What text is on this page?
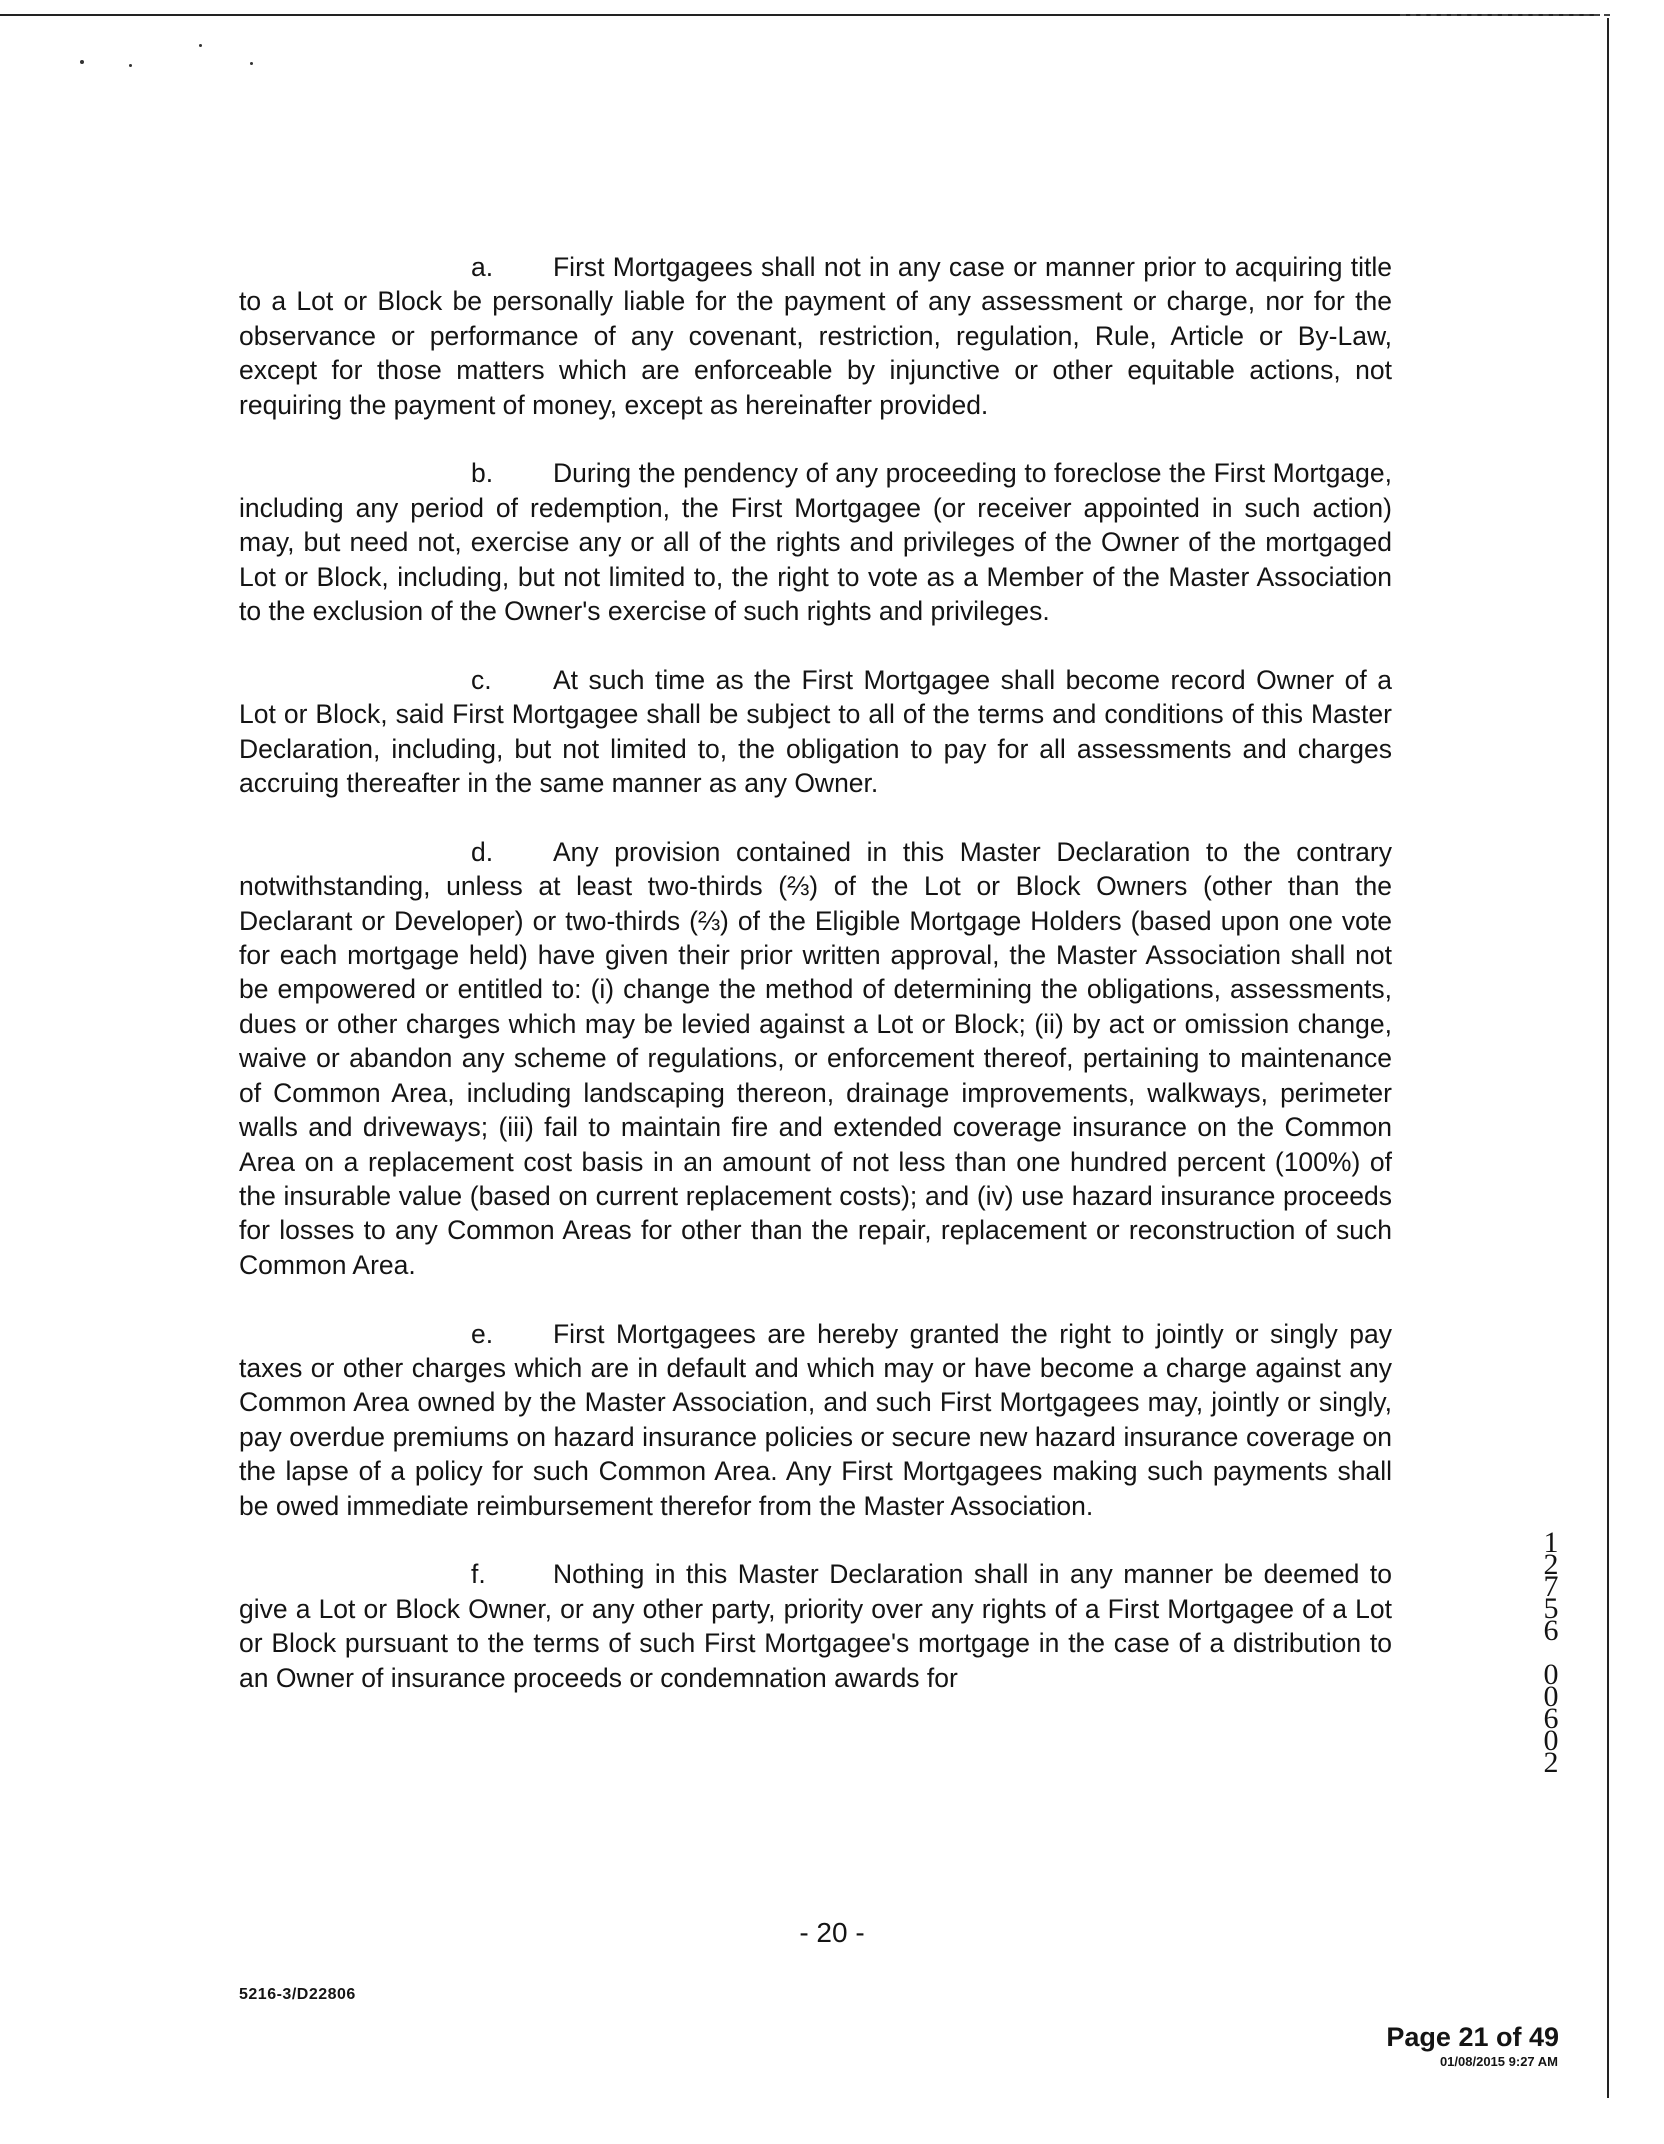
a. First Mortgagees shall not in any case or manner prior to acquiring title to a Lot or Block be personally liable for the payment of any assessment or charge, nor for the observance or performance of any covenant, restriction, regulation, Rule, Article or By-Law, except for those matters which are enforceable by injunctive or other equitable actions, not requiring the payment of money, except as hereinafter provided.

b. During the pendency of any proceeding to foreclose the First Mortgage, including any period of redemption, the First Mortgagee (or receiver appointed in such action) may, but need not, exercise any or all of the rights and privileges of the Owner of the mortgaged Lot or Block, including, but not limited to, the right to vote as a Member of the Master Association to the exclusion of the Owner's exercise of such rights and privileges.

c. At such time as the First Mortgagee shall become record Owner of a Lot or Block, said First Mortgagee shall be subject to all of the terms and conditions of this Master Declaration, including, but not limited to, the obligation to pay for all assessments and charges accruing thereafter in the same manner as any Owner.

d. Any provision contained in this Master Declaration to the contrary notwithstanding, unless at least two-thirds (⅔) of the Lot or Block Owners (other than the Declarant or Developer) or two-thirds (⅔) of the Eligible Mortgage Holders (based upon one vote for each mortgage held) have given their prior written approval, the Master Association shall not be empowered or entitled to: (i) change the method of determining the obligations, assessments, dues or other charges which may be levied against a Lot or Block; (ii) by act or omission change, waive or abandon any scheme of regulations, or enforcement thereof, pertaining to maintenance of Common Area, including landscaping thereon, drainage improvements, walkways, perimeter walls and driveways; (iii) fail to maintain fire and extended coverage insurance on the Common Area on a replacement cost basis in an amount of not less than one hundred percent (100%) of the insurable value (based on current replacement costs); and (iv) use hazard insurance proceeds for losses to any Common Areas for other than the repair, replacement or reconstruction of such Common Area.

e. First Mortgagees are hereby granted the right to jointly or singly pay taxes or other charges which are in default and which may or have become a charge against any Common Area owned by the Master Association, and such First Mortgagees may, jointly or singly, pay overdue premiums on hazard insurance policies or secure new hazard insurance coverage on the lapse of a policy for such Common Area. Any First Mortgagees making such payments shall be owed immediate reimbursement therefor from the Master Association.

f.	Nothing in this Master Declaration shall in any manner be deemed to give a Lot or Block Owner, or any other party, priority over any rights of a First Mortgagee of a Lot or Block pursuant to the terms of such First Mortgagee's mortgage in the case of a distribution to an Owner of insurance proceeds or condemnation awards for

1
2
7
5
6

0
0
6
0
2
- 20 -
5216-3/D22806
Page 21 of 49
01/08/2015 9:27 AM
